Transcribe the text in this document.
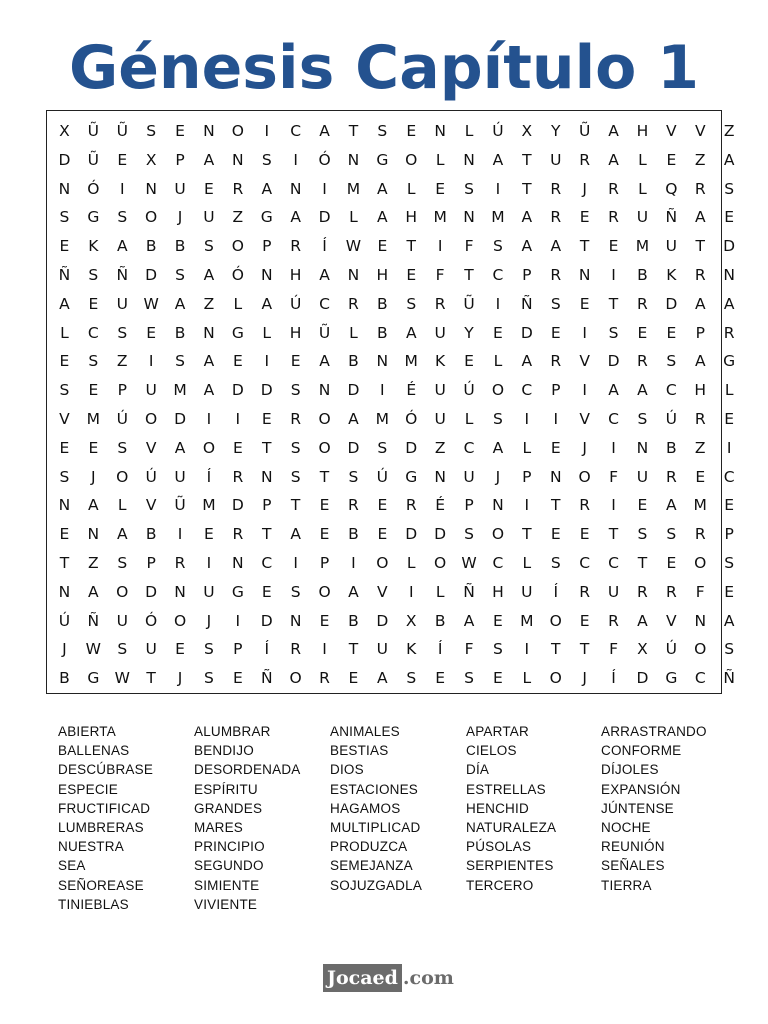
Génesis Capítulo 1
X	Ũ	Ũ	S	E	N	O	I	C	A	T	S	E	N	L	Ú	X	Y	Ũ	A	H	V	V	Z
D	Ũ	E	X	P	A	N	S	I	Ó	N	G	O	L	N	A	T	U	R	A	L	E	Z	A
N	Ó	I	N	U	E	R	A	N	I	M	A	L	E	S	I	T	R	J	R	L	Q	R	S
S	G	S	O	J	U	Z	G	A	D	L	A	H	M	N	M	A	R	E	R	U	Ñ	A	E
E	K	A	B	B	S	O	P	R	Í	W	E	T	I	F	S	A	A	T	E	M	U	T	D
Ñ	S	Ñ	D	S	A	Ó	N	H	A	N	H	E	F	T	C	P	R	N	I	B	K	R	N
A	E	U	W	A	Z	L	A	Ú	C	R	B	S	R	Ũ	I	Ñ	S	E	T	R	D	A	A
L	C	S	E	B	N	G	L	H	Ũ	L	B	A	U	Y	E	D	E	I	S	E	E	P	R
E	S	Z	I	S	A	E	I	E	A	B	N	M	K	E	L	A	R	V	D	R	S	A	G
S	E	P	U	M	A	D	D	S	N	D	I	É	U	Ú	O	C	P	I	A	A	C	H	L
V	M	Ú	O	D	I	I	E	R	O	A	M	Ó	U	L	S	I	I	V	C	S	Ú	R	E
E	E	S	V	A	O	E	T	S	O	D	S	D	Z	C	A	L	E	J	I	N	B	Z	I
S	J	O	Ú	U	Í	R	N	S	T	S	Ú	G	N	U	J	P	N	O	F	U	R	E	C
N	A	L	V	Ũ	M	D	P	T	E	R	E	R	É	P	N	I	T	R	I	E	A	M	E
E	N	A	B	I	E	R	T	A	E	B	E	D	D	S	O	T	E	E	T	S	S	R	P
T	Z	S	P	R	I	N	C	I	P	I	O	L	O W	C	L	S	C	C	T	E	O	S
N	A	O	D	N	U	G	E	S	O	A	V	I	L	Ñ	H	U	Í	R	U	R	R	F	E
Ú	Ñ	U	Ó	O	J	I	D	N	E	B	D	X	B	A	E	M	O	E	R	A	V	N	A
J	W	S	U	E	S	P	Í	R	I	T	U	K	Í	F	S	I	T	T	F	X	Ú	O	S
B	G W	T	J	S	E	Ñ	O	R	E	A	S	E	S	E	L	O	J	Í	D	G	C	Ñ
ABIERTA
BALLENAS
DESCÚBRASE
ESPECIE
FRUCTIFICAD
LUMBRERAS
NUESTRA
SEA
SEÑOREASE
TINIEBLAS
ALUMBRAR
BENDIJO
DESORDENADA
ESPÍRITU
GRANDES
MARES
PRINCIPIO
SEGUNDO
SIMIENTE
VIVIENTE
ANIMALES
BESTIAS
DIOS
ESTACIONES
HAGAMOS
MULTIPLICAD
PRODUZCA
SEMEJANZA
SOJUZGADLA
APARTAR
CIELOS
DÍA
ESTRELLAS
HENCHID
NATURALEZA
PÚSOLAS
SERPIENTES
TERCERO
ARRASTRANDO
CONFORME
DÍJOLES
EXPANSIÓN
JÚNTENSE
NOCHE
REUNIÓN
SEÑALES
TIERRA
Jocaed .com
